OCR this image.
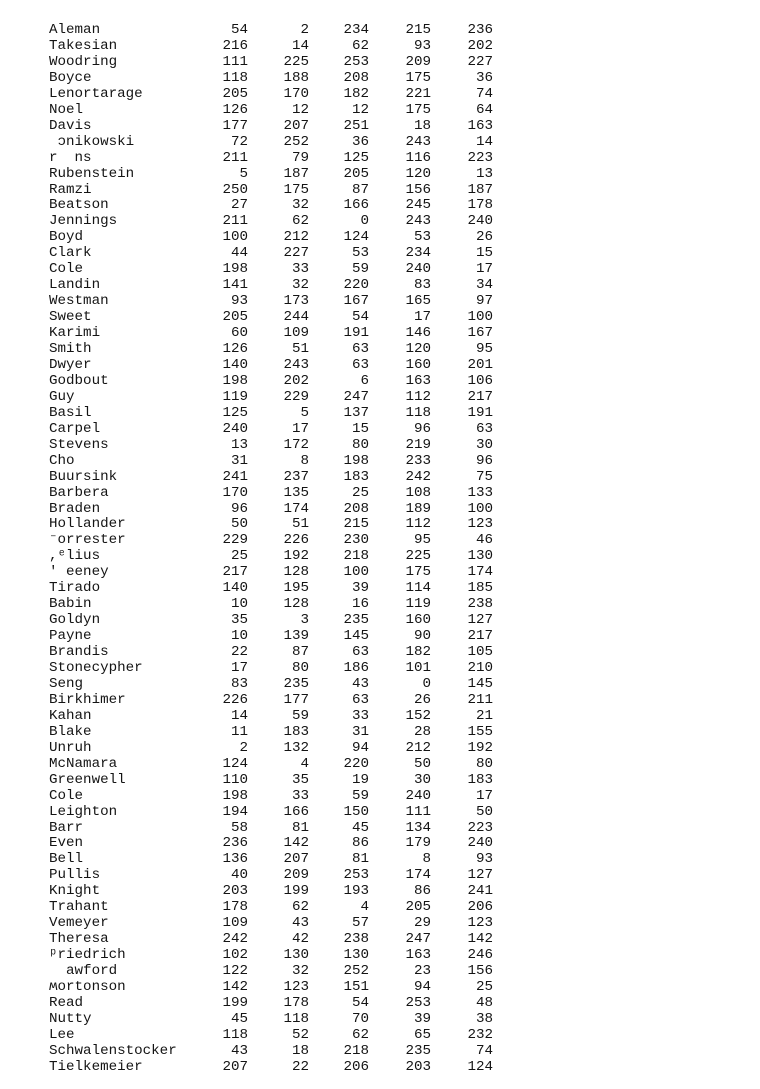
Aleman	54	2	234	215	236
Takesian	216	14	62	93	202
Woodring	111	225	253	209	227
Boyce	118	188	208	175	36
Lenortarage	205	170	182	221	74
Noel	126	12	12	175	64
Davis	177	207	251	18	163
ɔnikowski	72	252	36	243	14
r  ns	211	79	125	116	223
Rubenstein	5	187	205	120	13
Ramzi	250	175	87	156	187
Beatson	27	32	166	245	178
Jennings	211	62	0	243	240
Boyd	100	212	124	53	26
Clark	44	227	53	234	15
Cole	198	33	59	240	17
Landin	141	32	220	83	34
Westman	93	173	167	165	97
Sweet	205	244	54	17	100
Karimi	60	109	191	146	167
Smith	126	51	63	120	95
Dwyer	140	243	63	160	201
Godbout	198	202	6	163	106
Guy	119	229	247	112	217
Basil	125	5	137	118	191
Carpel	240	17	15	96	63
Stevens	13	172	80	219	30
Cho	31	8	198	233	96
Buursink	241	237	183	242	75
Barbera	170	135	25	108	133
Braden	96	174	208	189	100
Hollander	50	51	215	112	123
⁻orrester	229	226	230	95	46
,ᵉlius	25	192	218	225	130
' eeney	217	128	100	175	174
Tirado	140	195	39	114	185
Babin	10	128	16	119	238
Goldyn	35	3	235	160	127
Payne	10	139	145	90	217
Brandis	22	87	63	182	105
Stonecypher	17	80	186	101	210
Seng	83	235	43	0	145
Birkhimer	226	177	63	26	211
Kahan	14	59	33	152	21
Blake	11	183	31	28	155
Unruh	2	132	94	212	192
McNamara	124	4	220	50	80
Greenwell	110	35	19	30	183
Cole	198	33	59	240	17
Leighton	194	166	150	111	50
Barr	58	81	45	134	223
Even	236	142	86	179	240
Bell	136	207	81	8	93
Pullis	40	209	253	174	127
Knight	203	199	193	86	241
Trahant	178	62	4	205	206
Vemeyer	109	43	57	29	123
Theresa	242	42	238	247	142
ᵖriedrich	102	130	130	163	246
awford	122	32	252	23	156
ʍortonson	142	123	151	94	25
Read	199	178	54	253	48
Nutty	45	118	70	39	38
Lee	118	52	62	65	232
Schwalenstocker	43	18	218	235	74
Tielkemeier	207	22	206	203	124
